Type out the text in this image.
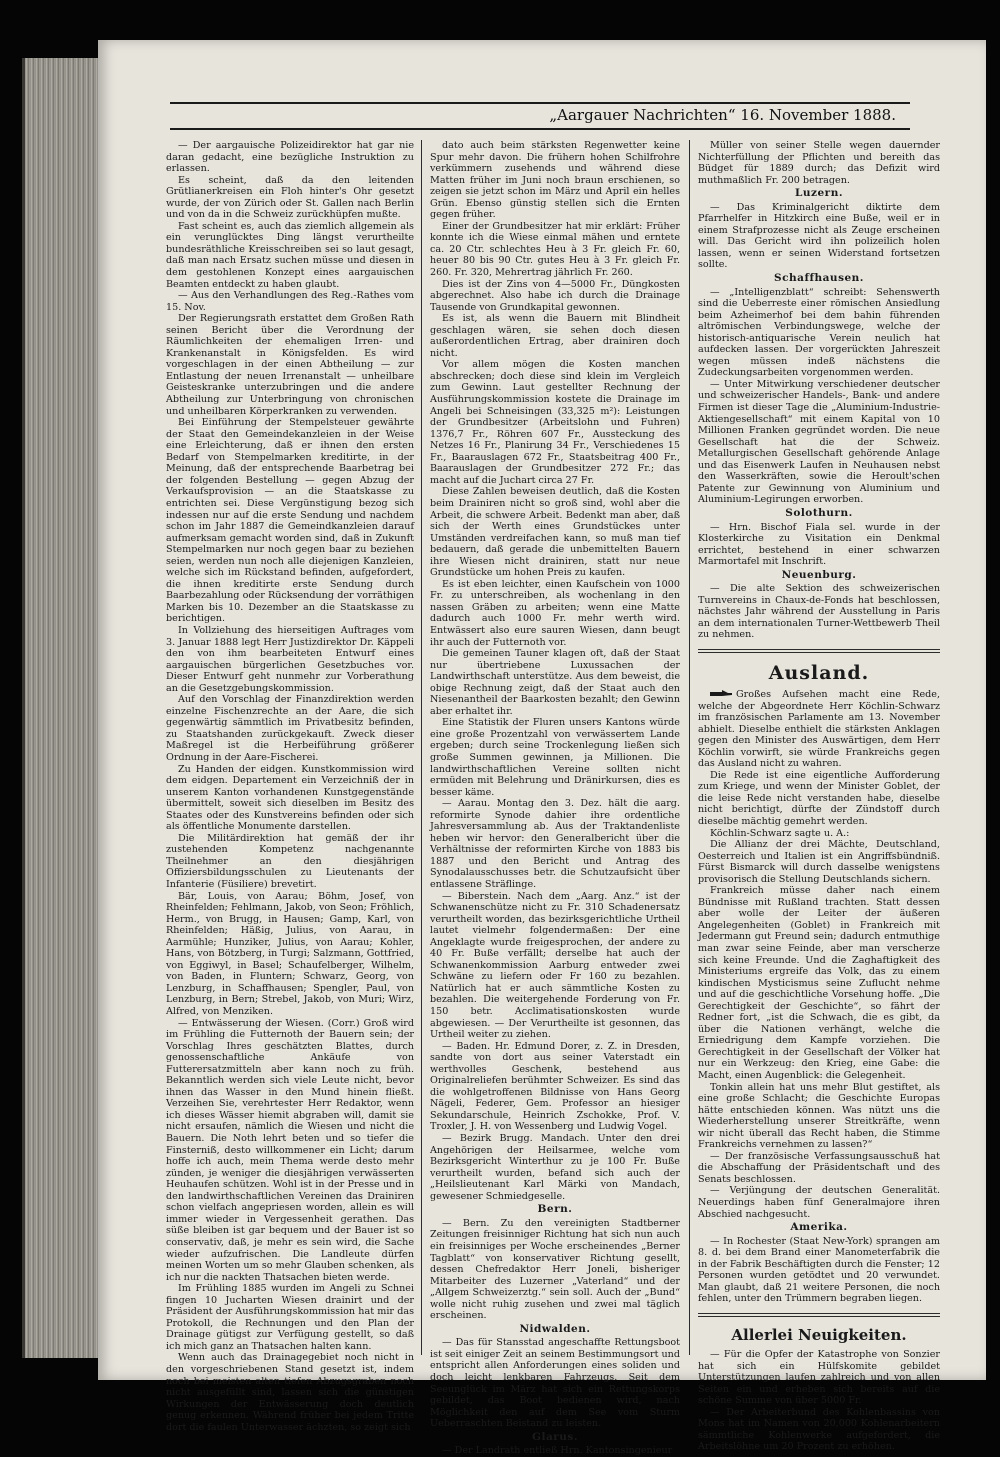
„Aargauer Nachrichten“ 16. November 1888.

— Der aargauische Polizeidirektor hat gar nie daran gedacht, eine bezügliche Instruktion zu erlassen.

Es scheint, daß da den leitenden Grütlianerkreisen ein Floh hinter's Ohr gesetzt wurde, der von Zürich oder St. Gallen nach Berlin und von da in die Schweiz zurückhüpfen mußte.

Fast scheint es, auch das ziemlich allgemein als ein verunglücktes Ding längst verurtheilte bundesräthliche Kreisschreiben sei so laut gesagt, daß man nach Ersatz suchen müsse und diesen in dem gestohlenen Konzept eines aargauischen Beamten entdeckt zu haben glaubt.

— Aus den Verhandlungen des Reg.-Rathes vom 15. Nov.

Der Regierungsrath erstattet dem Großen Rath seinen Bericht über die Verordnung der Räumlichkeiten der ehemaligen Irren- und Krankenanstalt in Königsfelden. Es wird vorgeschlagen in der einen Abtheilung — zur Entlastung der neuen Irrenanstalt — unheilbare Geisteskranke unterzubringen und die andere Abtheilung zur Unterbringung von chronischen und unheilbaren Körperkranken zu verwenden.

Bei Einführung der Stempelsteuer gewährte der Staat den Gemeindekanzleien in der Weise eine Erleichterung, daß er ihnen den ersten Bedarf von Stempelmarken kreditirte, in der Meinung, daß der entsprechende Baarbetrag bei der folgenden Bestellung — gegen Abzug der Verkaufsprovision — an die Staatskasse zu entrichten sei. Diese Vergünstigung bezog sich indessen nur auf die erste Sendung und nachdem schon im Jahr 1887 die Gemeindkanzleien darauf aufmerksam gemacht worden sind, daß in Zukunft Stempelmarken nur noch gegen baar zu beziehen seien, werden nun noch alle diejenigen Kanzleien, welche sich im Rückstand befinden, aufgefordert, die ihnen kreditirte erste Sendung durch Baarbezahlung oder Rücksendung der vorräthigen Marken bis 10. Dezember an die Staatskasse zu berichtigen.

In Vollziehung des hierseitigen Auftrages vom 3. Januar 1888 legt Herr Justizdirektor Dr. Käppeli den von ihm bearbeiteten Entwurf eines aargauischen bürgerlichen Gesetzbuches vor. Dieser Entwurf geht nunmehr zur Vorberathung an die Gesetzgebungskommission.

Auf den Vorschlag der Finanzdirektion werden einzelne Fischenzrechte an der Aare, die sich gegenwärtig sämmtlich im Privatbesitz befinden, zu Staatshanden zurückgekauft. Zweck dieser Maßregel ist die Herbeiführung größerer Ordnung in der Aare-Fischerei.

Zu Handen der eidgen. Kunstkommission wird dem eidgen. Departement ein Verzeichniß der in unserem Kanton vorhandenen Kunstgegenstände übermittelt, soweit sich dieselben im Besitz des Staates oder des Kunstvereins befinden oder sich als öffentliche Monumente darstellen.

Die Militärdirektion hat gemäß der ihr zustehenden Kompetenz nachgenannte Theilnehmer an den diesjährigen Offiziersbildungsschulen zu Lieutenants der Infanterie (Füsiliere) brevetirt.

Bär, Louis, von Aarau; Böhm, Josef, von Rheinfelden; Fehlmann, Jakob, von Seon; Fröhlich, Herm., von Brugg, in Hausen; Gamp, Karl, von Rheinfelden; Häßig, Julius, von Aarau, in Aarmühle; Hunziker, Julius, von Aarau; Kohler, Hans, von Bötzberg, in Turgi; Salzmann, Gottfried, von Eggiwyl, in Basel; Schaufelberger, Wilhelm, von Baden, in Fluntern; Schwarz, Georg, von Lenzburg, in Schaffhausen; Spengler, Paul, von Lenzburg, in Bern; Strebel, Jakob, von Muri; Wirz, Alfred, von Menziken.

— Entwässerung der Wiesen. (Corr.) Groß wird im Frühling die Futternoth der Bauern sein; der Vorschlag Ihres geschätzten Blattes, durch genossenschaftliche Ankäufe von Futterersatzmitteln aber kann noch zu früh. Bekanntlich werden sich viele Leute nicht, bevor ihnen das Wasser in den Mund hinein fließt. Verzeihen Sie, verehrtester Herr Redaktor, wenn ich dieses Wässer hiemit abgraben will, damit sie nicht ersaufen, nämlich die Wiesen und nicht die Bauern. Die Noth lehrt beten und so tiefer die Finsterniß, desto willkommener ein Licht; darum hoffe ich auch, mein Thema werde desto mehr zünden, je weniger die diesjährigen verwässerten Heuhaufen schützen. Wohl ist in der Presse und in den landwirthschaftlichen Vereinen das Drainiren schon vielfach angepriesen worden, allein es will immer wieder in Vergessenheit gerathen. Das süße bleiben ist gar bequem und der Bauer ist so conservativ, daß, je mehr es sein wird, die Sache wieder aufzufrischen. Die Landleute dürfen meinen Worten um so mehr Glauben schenken, als ich nur die nackten Thatsachen bieten werde.

Im Frühling 1885 wurden im Angeli zu Schnei fingen 10 Jucharten Wiesen drainirt und der Präsident der Ausführungskommission hat mir das Protokoll, die Rechnungen und den Plan der Drainage gütigst zur Verfügung gestellt, so daß ich mich ganz an Thatsachen halten kann.

Wenn auch das Drainagegebiet noch nicht in den vorgeschriebenen Stand gesetzt ist, indem noch bei meisten alten tiefen Abzugsgraben noch nicht ausgefüllt sind, lassen sich die günstigen Wirkungen der Entwässerung doch deutlich genug erkennen. Während früher bei jedem Tritte dort die faulen Unterwasser ächzten, so zeigt sich

dato auch beim stärksten Regenwetter keine Spur mehr davon. Die frühern hohen Schilfrohre verkümmern zusehends und während diese Matten früher im Juni noch braun erschienen, so zeigen sie jetzt schon im März und April ein helles Grün. Ebenso günstig stellen sich die Ernten gegen früher.

Einer der Grundbesitzer hat mir erklärt: Früher konnte ich die Wiese einmal mähen und erntete ca. 20 Ctr. schlechtes Heu à 3 Fr. gleich Fr. 60, heuer 80 bis 90 Ctr. gutes Heu à 3 Fr. gleich Fr. 260. Fr. 320, Mehrertrag jährlich Fr. 260.

Dies ist der Zins von 4—5000 Fr., Düngkosten abgerechnet. Also habe ich durch die Drainage Tausende von Grundkapital gewonnen.

Es ist, als wenn die Bauern mit Blindheit geschlagen wären, sie sehen doch diesen außerordentlichen Ertrag, aber drainiren doch nicht.

Vor allem mögen die Kosten manchen abschrecken; doch diese sind klein im Vergleich zum Gewinn. Laut gestellter Rechnung der Ausführungskommission kostete die Drainage im Angeli bei Schneisingen (33,325 m²): Leistungen der Grundbesitzer (Arbeitslohn und Fuhren) 1376,7 Fr., Röhren 607 Fr., Aussteckung des Netzes 16 Fr., Planirung 34 Fr., Verschiedenes 15 Fr., Baarauslagen 672 Fr., Staatsbeitrag 400 Fr., Baarauslagen der Grundbesitzer 272 Fr.; das macht auf die Juchart circa 27 Fr.

Diese Zahlen beweisen deutlich, daß die Kosten beim Drainiren nicht so groß sind, wohl aber die Arbeit, die schwere Arbeit. Bedenkt man aber, daß sich der Werth eines Grundstückes unter Umständen verdreifachen kann, so muß man tief bedauern, daß gerade die unbemittelten Bauern ihre Wiesen nicht drainiren, statt nur neue Grundstücke um hohen Preis zu kaufen.

Es ist eben leichter, einen Kaufschein von 1000 Fr. zu unterschreiben, als wochenlang in den nassen Gräben zu arbeiten; wenn eine Matte dadurch auch 1000 Fr. mehr werth wird. Entwässert also eure sauren Wiesen, dann beugt ihr auch der Futternoth vor.

Die gemeinen Tauner klagen oft, daß der Staat nur übertriebene Luxussachen der Landwirthschaft unterstütze. Aus dem beweist, die obige Rechnung zeigt, daß der Staat auch den Niesenantheil der Baarkosten bezahlt; den Gewinn aber erhaltet ihr.

Eine Statistik der Fluren unsers Kantons würde eine große Prozentzahl von verwässertem Lande ergeben; durch seine Trockenlegung ließen sich große Summen gewinnen, ja Millionen. Die landwirthschaftlichen Vereine sollten nicht ermüden mit Belehrung und Dränirkursen, dies es besser käme.

— Aarau. Montag den 3. Dez. hält die aarg. reformirte Synode dahier ihre ordentliche Jahresversammlung ab. Aus der Traktandenliste heben wir hervor: den Generalbericht über die Verhältnisse der reformirten Kirche von 1883 bis 1887 und den Bericht und Antrag des Synodalausschusses betr. die Schutzaufsicht über entlassene Sträflinge.

— Biberstein. Nach dem „Aarg. Anz.“ ist der Schwanenschütze nicht zu Fr. 310 Schadenersatz verurtheilt worden, das bezirksgerichtliche Urtheil lautet vielmehr folgendermaßen: Der eine Angeklagte wurde freigesprochen, der andere zu 40 Fr. Buße verfällt; derselbe hat auch der Schwanenkommission Aarburg entweder zwei Schwäne zu liefern oder Fr 160 zu bezahlen. Natürlich hat er auch sämmtliche Kosten zu bezahlen. Die weitergehende Forderung von Fr. 150 betr. Acclimatisationskosten wurde abgewiesen. — Der Verurtheilte ist gesonnen, das Urtheil weiter zu ziehen.

— Baden. Hr. Edmund Dorer, z. Z. in Dresden, sandte von dort aus seiner Vaterstadt ein werthvolles Geschenk, bestehend aus Originalreliefen berühmter Schweizer. Es sind das die wohlgetroffenen Bildnisse von Hans Georg Nägeli, Federer, Gem. Professor an hiesiger Sekundarschule, Heinrich Zschokke, Prof. V. Troxler, J. H. von Wessenberg und Ludwig Vogel.

— Bezirk Brugg. Mandach. Unter den drei Angehörigen der Heilsarmee, welche vom Bezirksgericht Winterthur zu je 100 Fr. Buße verurtheilt wurden, befand sich auch der „Heilslieutenant Karl Märki von Mandach, gewesener Schmiedgeselle.

Bern.

— Bern. Zu den vereinigten Stadtberner Zeitungen freisinniger Richtung hat sich nun auch ein freisinniges per Woche erscheinendes „Berner Tagblatt“ von konservativer Richtung gesellt, dessen Chefredaktor Herr Joneli, bisheriger Mitarbeiter des Luzerner „Vaterland“ und der „Allgem Schweizerztg.“ sein soll. Auch der „Bund“ wolle nicht ruhig zusehen und zwei mal täglich erscheinen.

Nidwalden.

— Das für Stansstad angeschaffte Rettungsboot ist seit einiger Zeit an seinem Bestimmungsort und entspricht allen Anforderungen eines soliden und doch leicht lenkbaren Fahrzeugs. Seit dem Seeunglück im März hat sich ein Rettungskorps gebildet, das Boot bedienen wird, nach Möglichkeit den auf dem See vom Sturm Ueberraschten Beistand zu leisten.

Glarus.

— Der Landrath entließ Hrn. Kantonsingenieur

Müller von seiner Stelle wegen dauernder Nichterfüllung der Pflichten und bereith das Büdget für 1889 durch; das Defizit wird muthmaßlich Fr. 200 betragen.

Luzern.

— Das Kriminalgericht diktirte dem Pfarrhelfer in Hitzkirch eine Buße, weil er in einem Strafprozesse nicht als Zeuge erscheinen will. Das Gericht wird ihn polizeilich holen lassen, wenn er seinen Widerstand fortsetzen sollte.

Schaffhausen.

— „Intelligenzblatt“ schreibt: Sehenswerth sind die Ueberreste einer römischen Ansiedlung beim Azheimerhof bei dem bahin führenden altrömischen Verbindungswege, welche der historisch-antiquarische Verein neulich hat aufdecken lassen. Der vorgerückten Jahreszeit wegen müssen indeß nächstens die Zudeckungsarbeiten vorgenommen werden.

— Unter Mitwirkung verschiedener deutscher und schweizerischer Handels-, Bank- und andere Firmen ist dieser Tage die „Aluminium-Industrie-Aktiengesellschaft“ mit einem Kapital von 10 Millionen Franken gegründet worden. Die neue Gesellschaft hat die der Schweiz. Metallurgischen Gesellschaft gehörende Anlage und das Eisenwerk Laufen in Neuhausen nebst den Wasserkräften, sowie die Heroult'schen Patente zur Gewinnung von Aluminium und Aluminium-Legirungen erworben.

Solothurn.

— Hrn. Bischof Fiala sel. wurde in der Klosterkirche zu Visitation ein Denkmal errichtet, bestehend in einer schwarzen Marmortafel mit Inschrift.

Neuenburg.

— Die alte Sektion des schweizerischen Turnvereins in Chaux-de-Fonds hat beschlossen, nächstes Jahr während der Ausstellung in Paris an dem internationalen Turner-Wettbewerb Theil zu nehmen.

Ausland.

Großes Aufsehen macht eine Rede, welche der Abgeordnete Herr Köchlin-Schwarz im französischen Parlamente am 13. November abhielt. Dieselbe enthielt die stärksten Anklagen gegen den Minister des Auswärtigen, dem Herr Köchlin vorwirft, sie würde Frankreichs gegen das Ausland nicht zu wahren.

Die Rede ist eine eigentliche Aufforderung zum Kriege, und wenn der Minister Goblet, der die leise Rede nicht verstanden habe, dieselbe nicht berichtigt, dürfte der Zündstoff durch dieselbe mächtig gemehrt werden.

Köchlin-Schwarz sagte u. A.:

Die Allianz der drei Mächte, Deutschland, Oesterreich und Italien ist ein Angriffsbündniß. Fürst Bismarck will durch dasselbe wenigstens provisorisch die Stellung Deutschlands sichern.

Frankreich müsse daher nach einem Bündnisse mit Rußland trachten. Statt dessen aber wolle der Leiter der äußeren Angelegenheiten (Goblet) in Frankreich mit Jedermann gut Freund sein; dadurch entmuthige man zwar seine Feinde, aber man verscherze sich keine Freunde. Und die Zaghaftigkeit des Ministeriums ergreife das Volk, das zu einem kindischen Mysticismus seine Zuflucht nehme und auf die geschichtliche Vorsehung hoffe. „Die Gerechtigkeit der Geschichte“, so fährt der Redner fort, „ist die Schwach, die es gibt, da über die Nationen verhängt, welche die Erniedrigung dem Kampfe vorziehen. Die Gerechtigkeit in der Gesellschaft der Völker hat nur ein Werkzeug: den Krieg, eine Gabe: die Macht, einen Augenblick: die Gelegenheit.

Tonkin allein hat uns mehr Blut gestiftet, als eine große Schlacht; die Geschichte Europas hätte entschieden können. Was nützt uns die Wiederherstellung unserer Streitkräfte, wenn wir nicht überall das Recht haben, die Stimme Frankreichs vernehmen zu lassen?“

— Der französische Verfassungsausschuß hat die Abschaffung der Präsidentschaft und des Senats beschlossen.

— Verjüngung der deutschen Generalität. Neuerdings haben fünf Generalmajore ihren Abschied nachgesucht.

Amerika.

— In Rochester (Staat New-York) sprangen am 8. d. bei dem Brand einer Manometerfabrik die in der Fabrik Beschäftigten durch die Fenster; 12 Personen wurden getödtet und 20 verwundet. Man glaubt, daß 21 weitere Personen, die noch fehlen, unter den Trümmern begraben liegen.

Allerlei Neuigkeiten.

— Für die Opfer der Katastrophe von Sonzier hat sich ein Hülfskomite gebildet Unterstützungen laufen zahlreich und von allen Seiten ein und erheben sich bereits auf die schöne Summe von über 5000 Fr.

— Der Arbeiterbund des Kohlenbassins von Mons hat im Namen von 20,000 Kohlenarbeitern sämmtliche Kohlenwerke aufgefordert, die Arbeitslöhne um 20 Prozent zu erhöhen.
